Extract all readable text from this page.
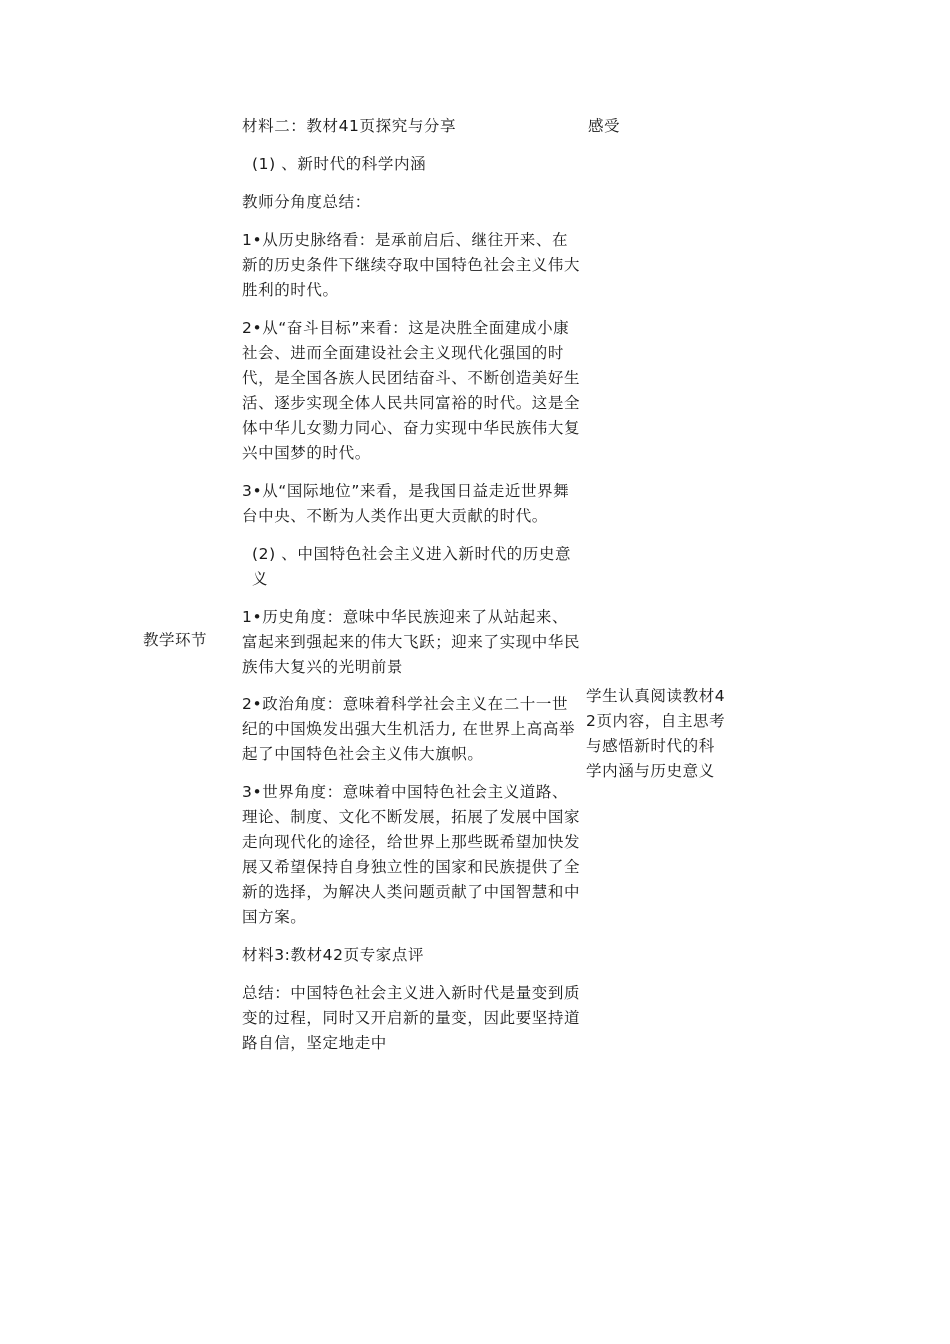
教学环节
感受

材料二：教材41页探究与分享

(1) 、新时代的科学内涵

教师分角度总结：

1•从历史脉络看：是承前启后、继往开来、在新的历史条件下继续夺取中国特色社会主义伟大胜利的时代。

2•从“奋斗目标”来看：这是决胜全面建成小康社会、进而全面建设社会主义现代化强国的时代，是全国各族人民团结奋斗、不断创造美好生活、逐步实现全体人民共同富裕的时代。这是全体中华儿女勠力同心、奋力实现中华民族伟大复兴中国梦的时代。

3•从“国际地位”来看，是我国日益走近世界舞台中央、不断为人类作出更大贡献的时代。

(2) 、中国特色社会主义进入新时代的历史意义

1•历史角度：意味中华民族迎来了从站起来、富起来到强起来的伟大飞跃；迎来了实现中华民族伟大复兴的光明前景

2•政治角度：意味着科学社会主义在二十一世纪的中国焕发出强大生机活力, 在世界上高高举起了中国特色社会主义伟大旗帜。

3•世界角度：意味着中国特色社会主义道路、理论、制度、文化不断发展，拓展了发展中国家走向现代化的途径，给世界上那些既希望加快发展又希望保持自身独立性的国家和民族提供了全新的选择，为解决人类问题贡献了中国智慧和中国方案。

材料3:教材42页专家点评

总结：中国特色社会主义进入新时代是量变到质变的过程，同时又开启新的量变，因此要坚持道路自信，坚定地走中

学生认真阅读教材42页内容，自主思考与感悟新时代的科学内涵与历史意义
